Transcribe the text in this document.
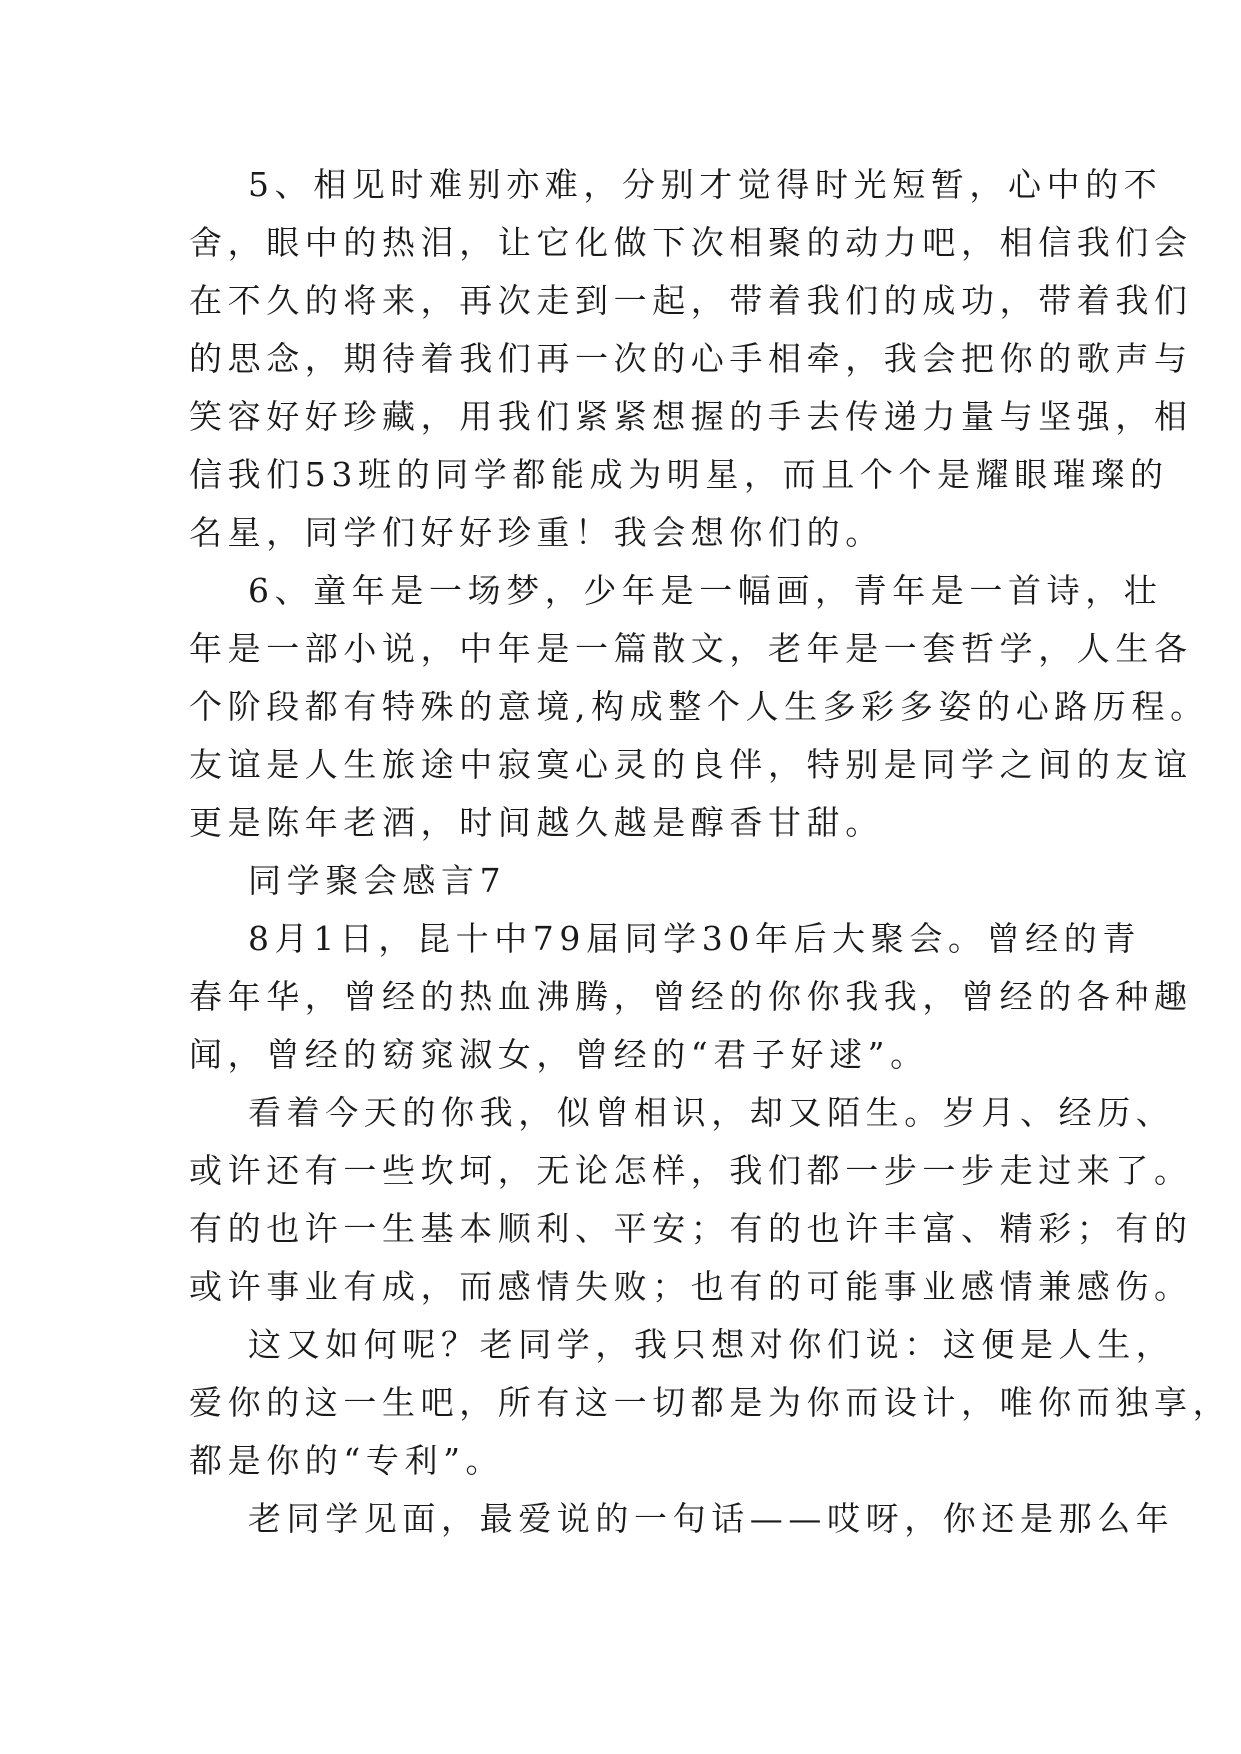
5、相见时难别亦难，分别才觉得时光短暂，心中的不
舍，眼中的热泪，让它化做下次相聚的动力吧，相信我们会
在不久的将来，再次走到一起，带着我们的成功，带着我们
的思念，期待着我们再一次的心手相牵，我会把你的歌声与
笑容好好珍藏，用我们紧紧想握的手去传递力量与坚强，相
信我们53班的同学都能成为明星，而且个个是耀眼璀璨的
名星，同学们好好珍重！我会想你们的。
6、童年是一场梦，少年是一幅画，青年是一首诗，壮
年是一部小说，中年是一篇散文，老年是一套哲学，人生各
个阶段都有特殊的意境,构成整个人生多彩多姿的心路历程。
友谊是人生旅途中寂寞心灵的良伴，特别是同学之间的友谊
更是陈年老酒，时间越久越是醇香甘甜。
同学聚会感言7
8月1日，昆十中79届同学30年后大聚会。曾经的青
春年华，曾经的热血沸腾，曾经的你你我我，曾经的各种趣
闻，曾经的窈窕淑女，曾经的“君子好逑”。
看着今天的你我，似曾相识，却又陌生。岁月、经历、
或许还有一些坎坷，无论怎样，我们都一步一步走过来了。
有的也许一生基本顺利、平安；有的也许丰富、精彩；有的
或许事业有成，而感情失败；也有的可能事业感情兼感伤。
这又如何呢？老同学，我只想对你们说：这便是人生，
爱你的这一生吧，所有这一切都是为你而设计，唯你而独享，
都是你的“专利”。
老同学见面，最爱说的一句话——哎呀，你还是那么年
